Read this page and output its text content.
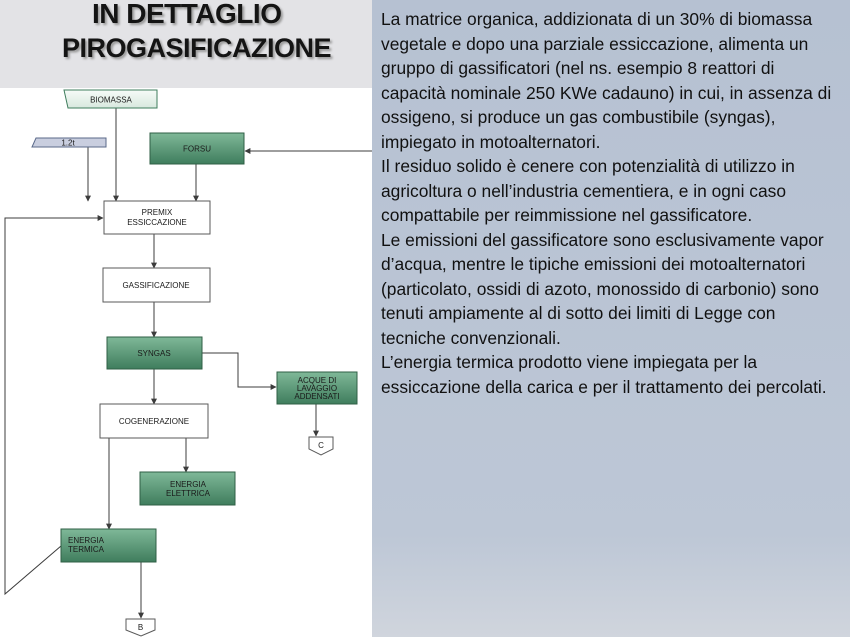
IN DETTAGLIO
PIROGASIFICAZIONE
La matrice organica, addizionata di un 30% di biomassa vegetale e dopo una parziale essiccazione, alimenta un gruppo di gassificatori (nel ns. esempio 8 reattori di capacità nominale 250 KWe cadauno) in cui, in assenza di ossigeno, si produce un gas combustibile (syngas), impiegato in motoalternatori.
Il residuo solido è cenere con potenzialità di utilizzo in agricoltura o nell’industria cementiera, e in ogni caso compattabile per reimmissione nel gassificatore.
Le emissioni del gassificatore sono esclusivamente vapor d’acqua, mentre le tipiche emissioni dei motoalternatori (particolato, ossidi di azoto, monossido di carbonio) sono tenuti ampiamente al di sotto dei limiti di Legge con tecniche convenzionali.
L’energia termica prodotto viene impiegata per la essiccazione della carica e per il trattamento dei percolati.
BIOMASSA
1.2t
FORSU
PREMIX
ESSICCAZIONE
GASSIFICAZIONE
SYNGAS
ACQUE DI
LAVAGGIO
ADDENSATI
C
COGENERAZIONE
ENERGIA
ELETTRICA
ENERGIA
TERMICA
B
